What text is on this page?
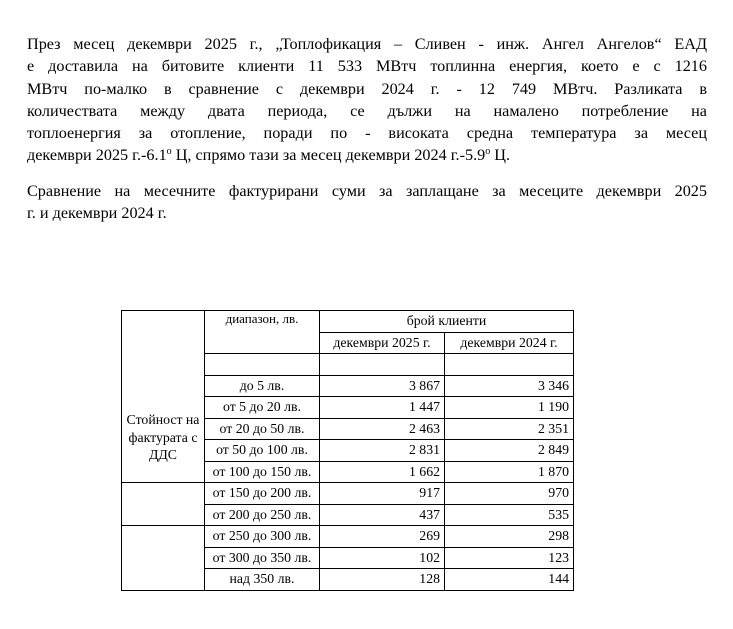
През месец декември 2025 г., „Топлофикация – Сливен - инж. Ангел Ангелов“ ЕАД
е доставила на битовите клиенти 11 533 МВтч топлинна енергия, което е с 1216
МВтч по-малко в сравнение с декември 2024 г. - 12 749 МВтч. Разликата в
количествата между двата периода, се дължи на намалено потребление на
топлоенергия за отопление, поради по - високата средна температура за месец
декември 2025 $г.-6.1^о$ Ц, спрямо тази за месец декември 2024 $г.-5.9^о$ Ц.
Сравнение на месечните фактурирани суми за заплащане за месеците декември 2025
г. и декември 2024 г.
Стойност на фактурата с ДДС	диапазон, лв.	брой клиенти	
		декември 2025 г.	декември 2024 г.

	до 5 лв.	3 867	3 346
	от 5 до 20 лв.	1 447	1 190
	от 20 до 50 лв.	2 463	2 351
	от 50 до 100 лв.	2 831	2 849
	от 100 до 150 лв.	1 662	1 870
	от 150 до 200 лв.	917	970
	от 200 до 250 лв.	437	535
	от 250 до 300 лв.	269	298
	от 300 до 350 лв.	102	123
	над 350 лв.	128	144
